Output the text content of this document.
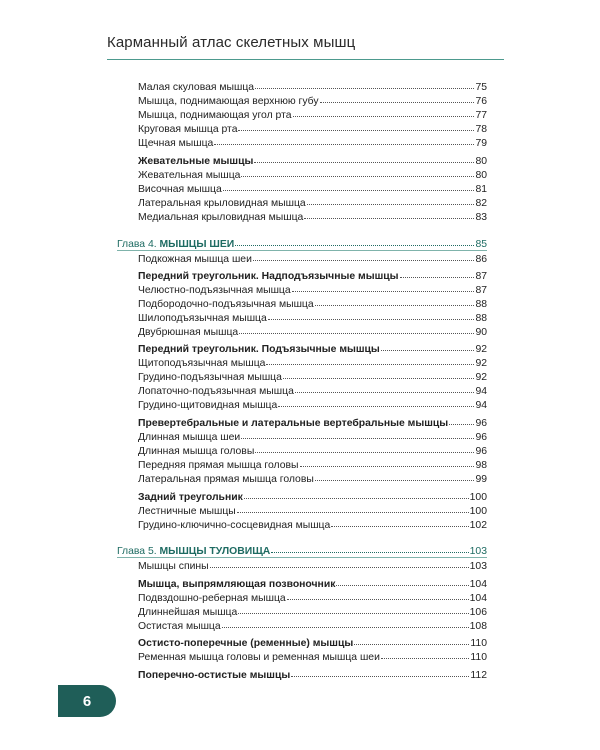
Карманный атлас скелетных мышц
Малая скуловая мышца	75
Мышца, поднимающая верхнюю губу	76
Мышца, поднимающая угол рта	77
Круговая мышца рта	78
Щечная мышца	79
Жевательные мышцы	80
Жевательная мышца	80
Височная мышца	81
Латеральная крыловидная мышца	82
Медиальная крыловидная мышца	83
Глава 4. МЫШЦЫ ШЕИ	85
Подкожная мышца шеи	86
Передний треугольник. Надподъязычные мышцы	87
Челюстно-подъязычная мышца	87
Подбородочно-подъязычная мышца	88
Шилоподъязычная мышца	88
Двубрюшная мышца	90
Передний треугольник. Подъязычные мышцы	92
Щитоподъязычная мышца	92
Грудино-подъязычная мышца	92
Лопаточно-подъязычная мышца	94
Грудино-щитовидная мышца	94
Превертебральные и латеральные вертебральные мышцы	96
Длинная мышца шеи	96
Длинная мышца головы	96
Передняя прямая мышца головы	98
Латеральная прямая мышца головы	99
Задний треугольник	100
Лестничные мышцы	100
Грудино-ключично-сосцевидная мышца	102
Глава 5. МЫШЦЫ ТУЛОВИЩА	103
Мышцы спины	103
Мышца, выпрямляющая позвоночник	104
Подвздошно-реберная мышца	104
Длиннейшая мышца	106
Остистая мышца	108
Остисто-поперечные (ременные) мышцы	110
Ременная мышца головы и ременная мышца шеи	110
Поперечно-остистые мышцы	112
6
